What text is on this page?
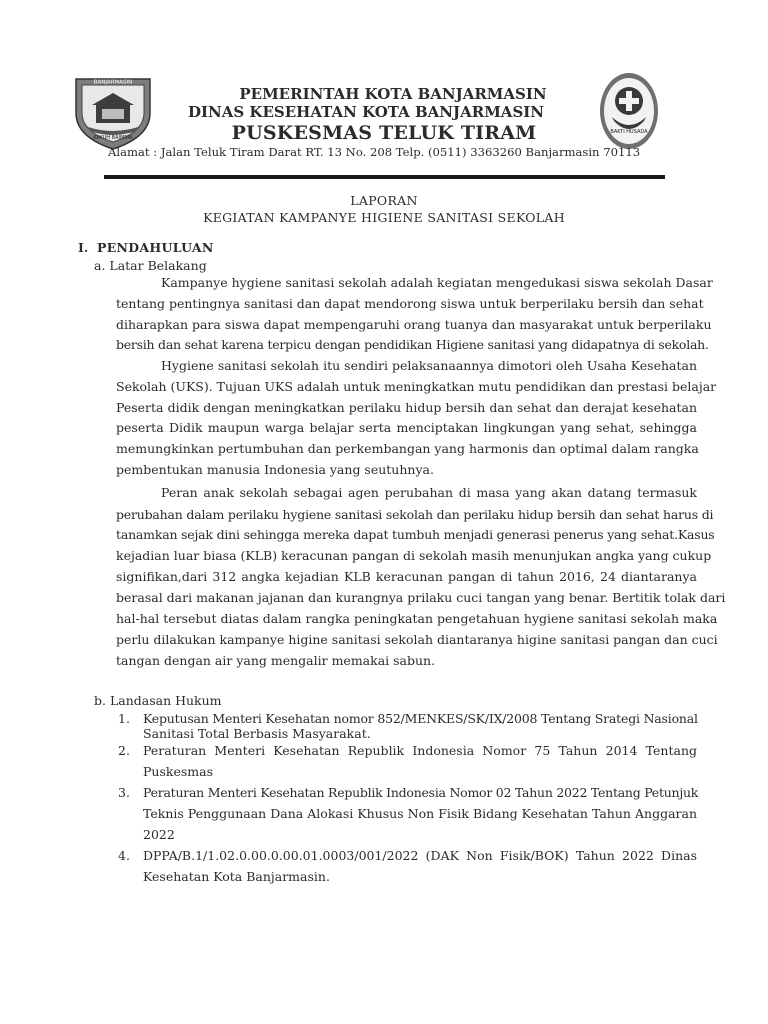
BANJARMASIN
KAYUH BAIMBAI
BAKTI HUSADA
PEMERINTAH KOTA BANJARMASIN
DINAS KESEHATAN KOTA BANJARMASIN
PUSKESMAS TELUK TIRAM
Alamat : Jalan Teluk Tiram Darat RT. 13 No. 208 Telp. (0511) 3363260 Banjarmasin 70113
LAPORAN
KEGIATAN KAMPANYE HIGIENE SANITASI SEKOLAH
I. PENDAHULUAN
a. Latar Belakang
Kampanye hygiene sanitasi sekolah adalah kegiatan mengedukasi siswa sekolah Dasar
tentang pentingnya sanitasi dan dapat mendorong siswa untuk berperilaku bersih dan sehat
diharapkan para siswa dapat mempengaruhi orang tuanya dan masyarakat untuk berperilaku
bersih dan sehat karena terpicu dengan pendidikan Higiene sanitasi yang didapatnya di sekolah.
Hygiene sanitasi sekolah itu sendiri pelaksanaannya dimotori oleh Usaha Kesehatan
Sekolah (UKS). Tujuan UKS adalah untuk meningkatkan mutu pendidikan dan prestasi belajar
Peserta didik dengan meningkatkan perilaku hidup bersih dan sehat dan derajat kesehatan
peserta Didik maupun warga belajar serta menciptakan lingkungan yang sehat, sehingga
memungkinkan pertumbuhan dan perkembangan yang harmonis dan optimal dalam rangka
pembentukan manusia Indonesia yang seutuhnya.
Peran anak sekolah sebagai agen perubahan di masa yang akan datang termasuk
perubahan dalam perilaku hygiene sanitasi sekolah dan perilaku hidup bersih dan sehat harus di
tanamkan sejak dini sehingga mereka dapat tumbuh menjadi generasi penerus yang sehat.Kasus
kejadian luar biasa (KLB) keracunan pangan di sekolah masih menunjukan angka yang cukup
signifikan,dari 312 angka kejadian KLB keracunan pangan di tahun 2016, 24 diantaranya
berasal dari makanan jajanan dan kurangnya prilaku cuci tangan yang benar. Bertitik tolak dari
hal-hal tersebut diatas dalam rangka peningkatan pengetahuan hygiene sanitasi sekolah maka
perlu dilakukan kampanye higine sanitasi sekolah diantaranya higine sanitasi pangan dan cuci
tangan dengan air yang mengalir memakai sabun.
b. Landasan Hukum
1. Keputusan Menteri Kesehatan nomor 852/MENKES/SK/IX/2008 Tentang Srategi Nasional
Sanitasi Total Berbasis Masyarakat.
2. Peraturan Menteri Kesehatan Republik Indonesia Nomor 75 Tahun 2014 Tentang
Puskesmas
3. Peraturan Menteri Kesehatan Republik Indonesia Nomor 02 Tahun 2022 Tentang Petunjuk
Teknis Penggunaan Dana Alokasi Khusus Non Fisik Bidang Kesehatan Tahun Anggaran
2022
4. DPPA/B.1/1.02.0.00.0.00.01.0003/001/2022 (DAK Non Fisik/BOK) Tahun 2022 Dinas
Kesehatan Kota Banjarmasin.
